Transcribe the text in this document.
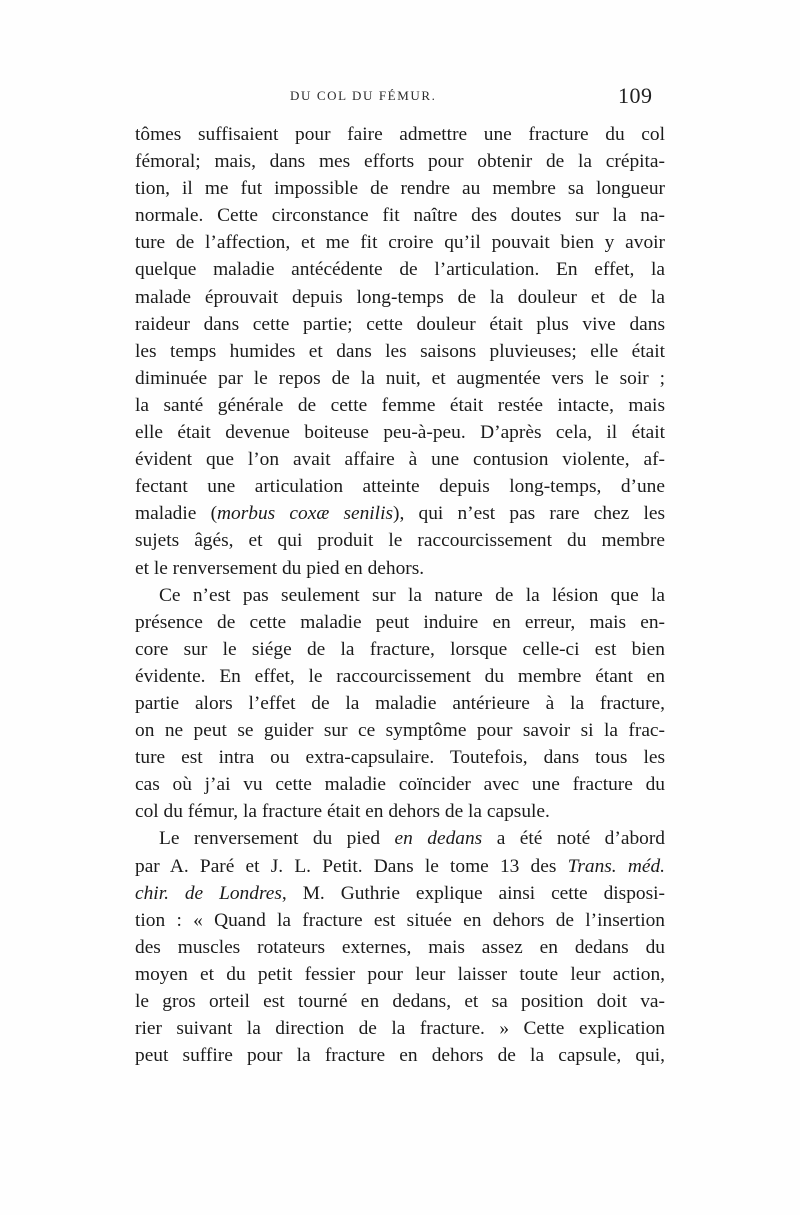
DU COL DU FÉMUR.	109
tômes suffisaient pour faire admettre une fracture du col
fémoral; mais, dans mes efforts pour obtenir de la crépita-
tion, il me fut impossible de rendre au membre sa longueur
normale. Cette circonstance fit naître des doutes sur la na-
ture de l’affection, et me fit croire qu’il pouvait bien y avoir
quelque maladie antécédente de l’articulation. En effet, la
malade éprouvait depuis long-temps de la douleur et de la
raideur dans cette partie; cette douleur était plus vive dans
les temps humides et dans les saisons pluvieuses; elle était
diminuée par le repos de la nuit, et augmentée vers le soir ;
la santé générale de cette femme était restée intacte, mais
elle était devenue boiteuse peu-à-peu. D’après cela, il était
évident que l’on avait affaire à une contusion violente, af-
fectant une articulation atteinte depuis long-temps, d’une
maladie (morbus coxæ senilis), qui n’est pas rare chez les
sujets âgés, et qui produit le raccourcissement du membre
et le renversement du pied en dehors.
Ce n’est pas seulement sur la nature de la lésion que la
présence de cette maladie peut induire en erreur, mais en-
core sur le siége de la fracture, lorsque celle-ci est bien
évidente. En effet, le raccourcissement du membre étant en
partie alors l’effet de la maladie antérieure à la fracture,
on ne peut se guider sur ce symptôme pour savoir si la frac-
ture est intra ou extra-capsulaire. Toutefois, dans tous les
cas où j’ai vu cette maladie coïncider avec une fracture du
col du fémur, la fracture était en dehors de la capsule.
Le renversement du pied en dedans a été noté d’abord
par A. Paré et J. L. Petit. Dans le tome 13 des Trans. méd.
chir. de Londres, M. Guthrie explique ainsi cette disposi-
tion : « Quand la fracture est située en dehors de l’insertion
des muscles rotateurs externes, mais assez en dedans du
moyen et du petit fessier pour leur laisser toute leur action,
le gros orteil est tourné en dedans, et sa position doit va-
rier suivant la direction de la fracture. » Cette explication
peut suffire pour la fracture en dehors de la capsule, qui,
